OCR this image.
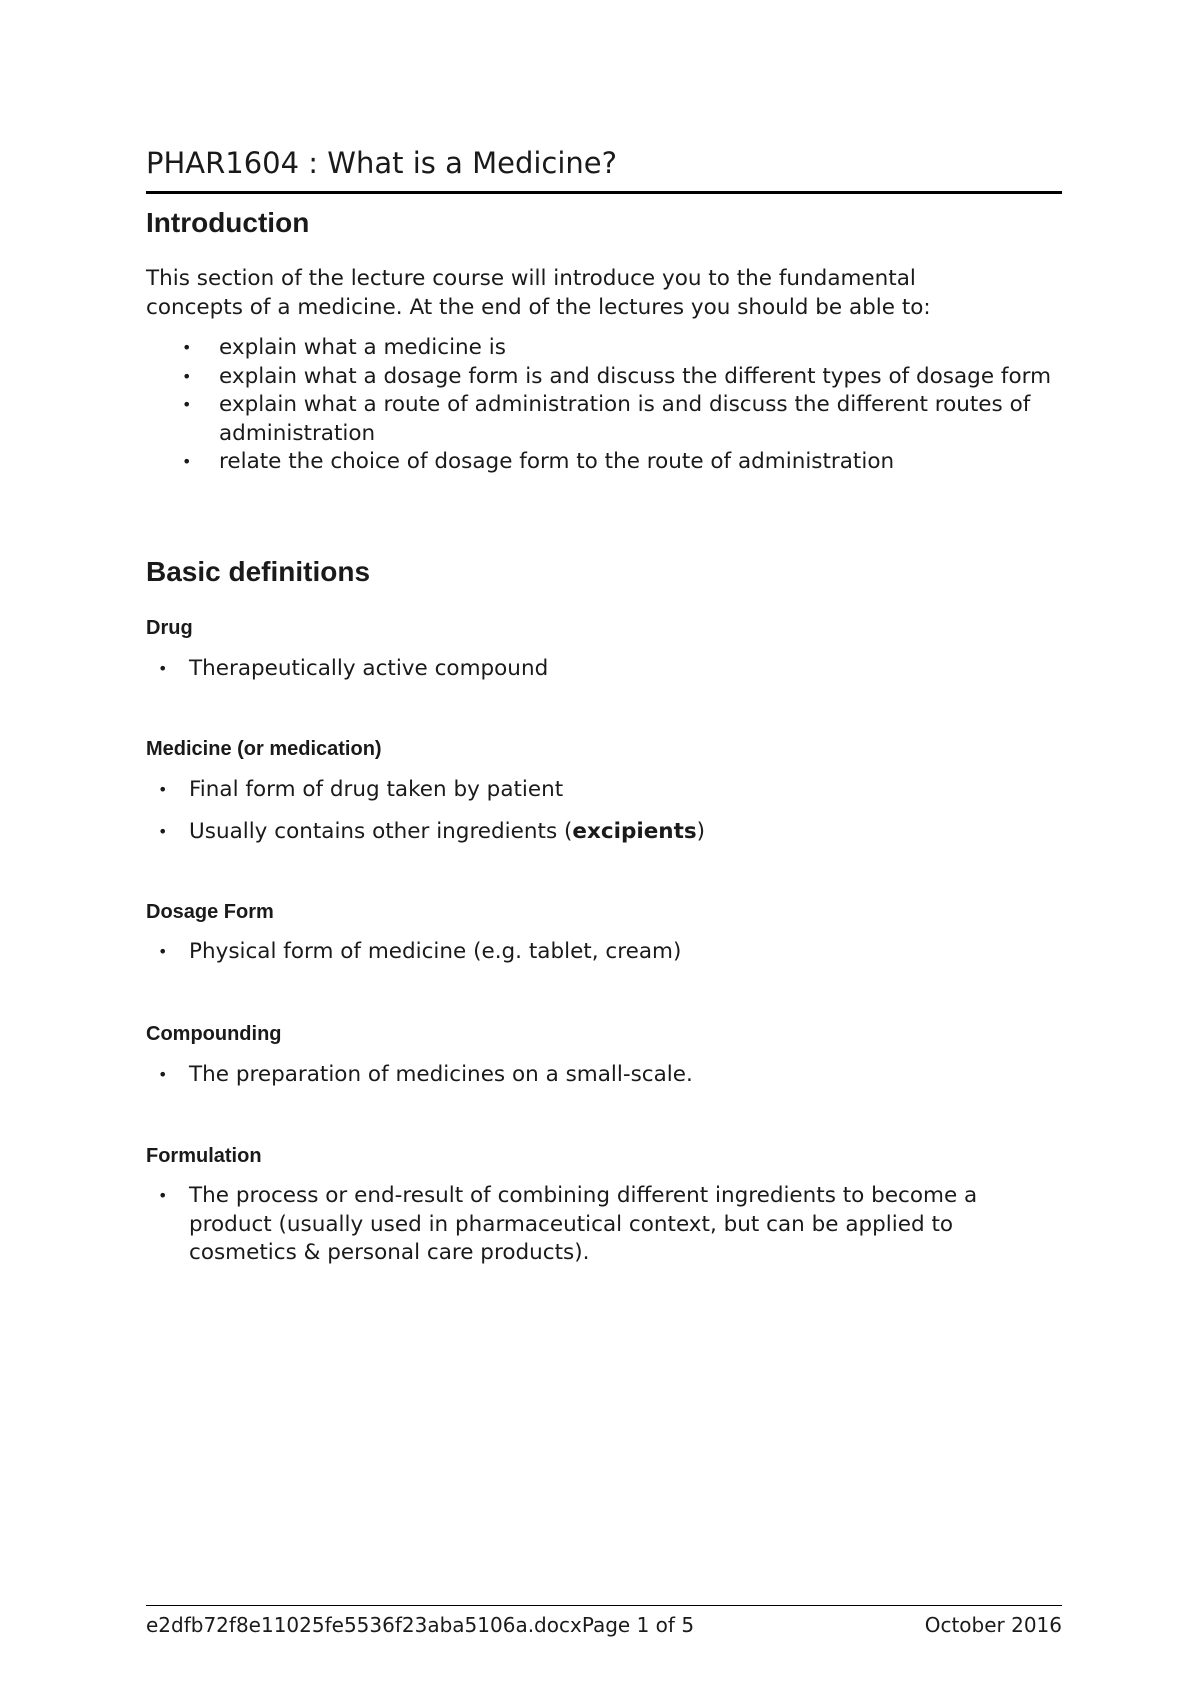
PHAR1604 : What is a Medicine?
Introduction

This section of the lecture course will introduce you to the fundamental
concepts of a medicine. At the end of the lectures you should be able to:

• explain what a medicine is
• explain what a dosage form is and discuss the different types of dosage form
• explain what a route of administration is and discuss the different routes of administration
• relate the choice of dosage form to the route of administration
Basic definitions
Drug
• Therapeutically active compound
Medicine (or medication)
• Final form of drug taken by patient
• Usually contains other ingredients (excipients)
Dosage Form
• Physical form of medicine (e.g. tablet, cream)
Compounding
• The preparation of medicines on a small-scale.
Formulation
• The process or end-result of combining different ingredients to become a product (usually used in pharmaceutical context, but can be applied to cosmetics & personal care products).
e2dfb72f8e11025fe5536f23aba5106a.docxPage 1 of 5	October 2016
